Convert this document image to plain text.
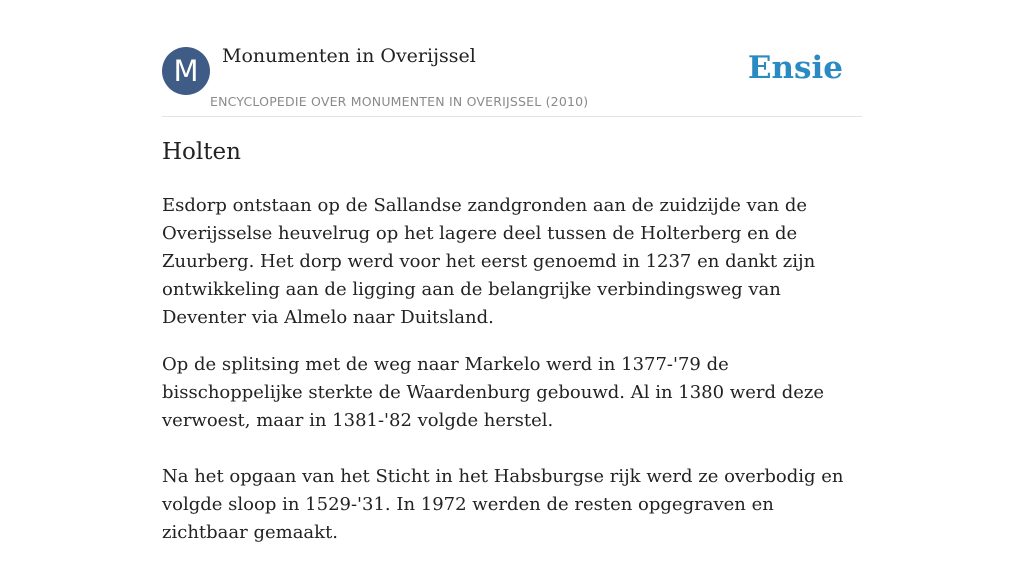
M	Monumenten in Overijssel
ENCYCLOPEDIE OVER MONUMENTEN IN OVERIJSSEL (2010)
Ensie
Holten

Esdorp ontstaan op de Sallandse zandgronden aan de zuidzijde van de Overijsselse heuvelrug op het lagere deel tussen de Holterberg en de Zuurberg. Het dorp werd voor het eerst genoemd in 1237 en dankt zijn ontwikkeling aan de ligging aan de belangrijke verbindingsweg van Deventer via Almelo naar Duitsland.

Op de splitsing met de weg naar Markelo werd in 1377-'79 de bisschoppelijke sterkte de Waardenburg gebouwd. Al in 1380 werd deze verwoest, maar in 1381-'82 volgde herstel.

Na het opgaan van het Sticht in het Habsburgse rijk werd ze overbodig en volgde sloop in 1529-'31. In 1972 werden de resten opgegraven en zichtbaar gemaakt.
